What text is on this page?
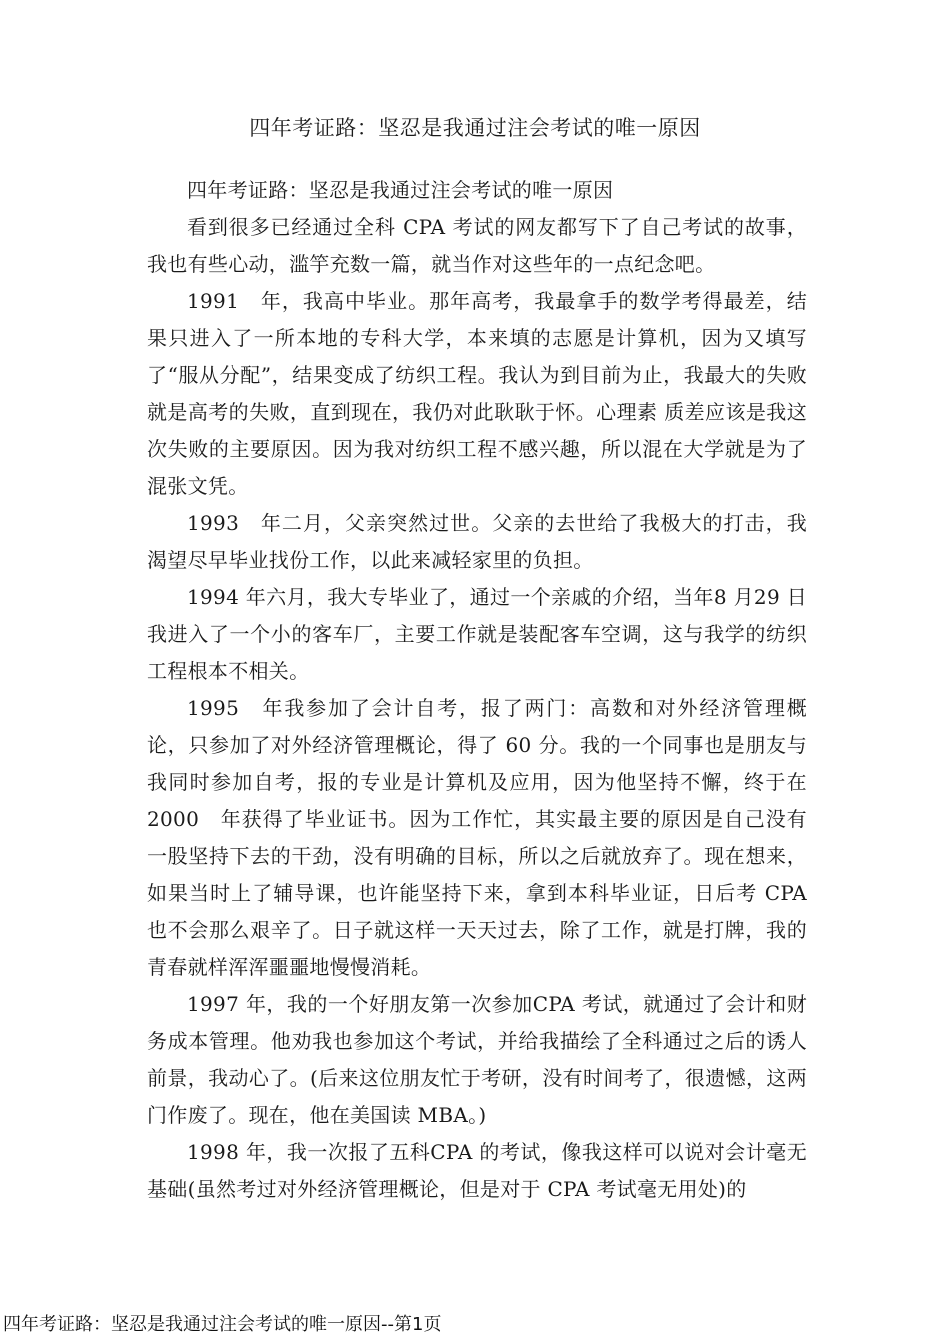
四年考证路：坚忍是我通过注会考试的唯一原因

四年考证路：坚忍是我通过注会考试的唯一原因

看到很多已经通过全科 CPA 考试的网友都写下了自己考试的故事，我也有些心动，滥竽充数一篇，就当作对这些年的一点纪念吧。

1991　年，我高中毕业。那年高考，我最拿手的数学考得最差，结果只进入了一所本地的专科大学，本来填的志愿是计算机，因为又填写了“服从分配”，结果变成了纺织工程。我认为到目前为止，我最大的失败就是高考的失败，直到现在，我仍对此耿耿于怀。心理素 质差应该是我这次失败的主要原因。因为我对纺织工程不感兴趣，所以混在大学就是为了混张文凭。

1993　年二月，父亲突然过世。父亲的去世给了我极大的打击，我渴望尽早毕业找份工作，以此来减轻家里的负担。

1994 年六月，我大专毕业了，通过一个亲戚的介绍，当年8 月29 日我进入了一个小的客车厂，主要工作就是装配客车空调，这与我学的纺织工程根本不相关。

1995　年我参加了会计自考，报了两门：高数和对外经济管理概论，只参加了对外经济管理概论，得了 60 分。我的一个同事也是朋友与我同时参加自考，报的专业是计算机及应用，因为他坚持不懈，终于在 2000　年获得了毕业证书。因为工作忙，其实最主要的原因是自己没有一股坚持下去的干劲，没有明确的目标，所以之后就放弃了。现在想来，如果当时上了辅导课，也许能坚持下来，拿到本科毕业证，日后考 CPA 也不会那么艰辛了。日子就这样一天天过去，除了工作，就是打牌，我的青春就样浑浑噩噩地慢慢消耗。

1997 年，我的一个好朋友第一次参加CPA 考试，就通过了会计和财务成本管理。他劝我也参加这个考试，并给我描绘了全科通过之后的诱人前景，我动心了。(后来这位朋友忙于考研，没有时间考了，很遗憾，这两门作废了。现在，他在美国读 MBA。)

1998 年，我一次报了五科CPA 的考试，像我这样可以说对会计毫无基础(虽然考过对外经济管理概论，但是对于 CPA 考试毫无用处)的

四年考证路：坚忍是我通过注会考试的唯一原因--第1页
